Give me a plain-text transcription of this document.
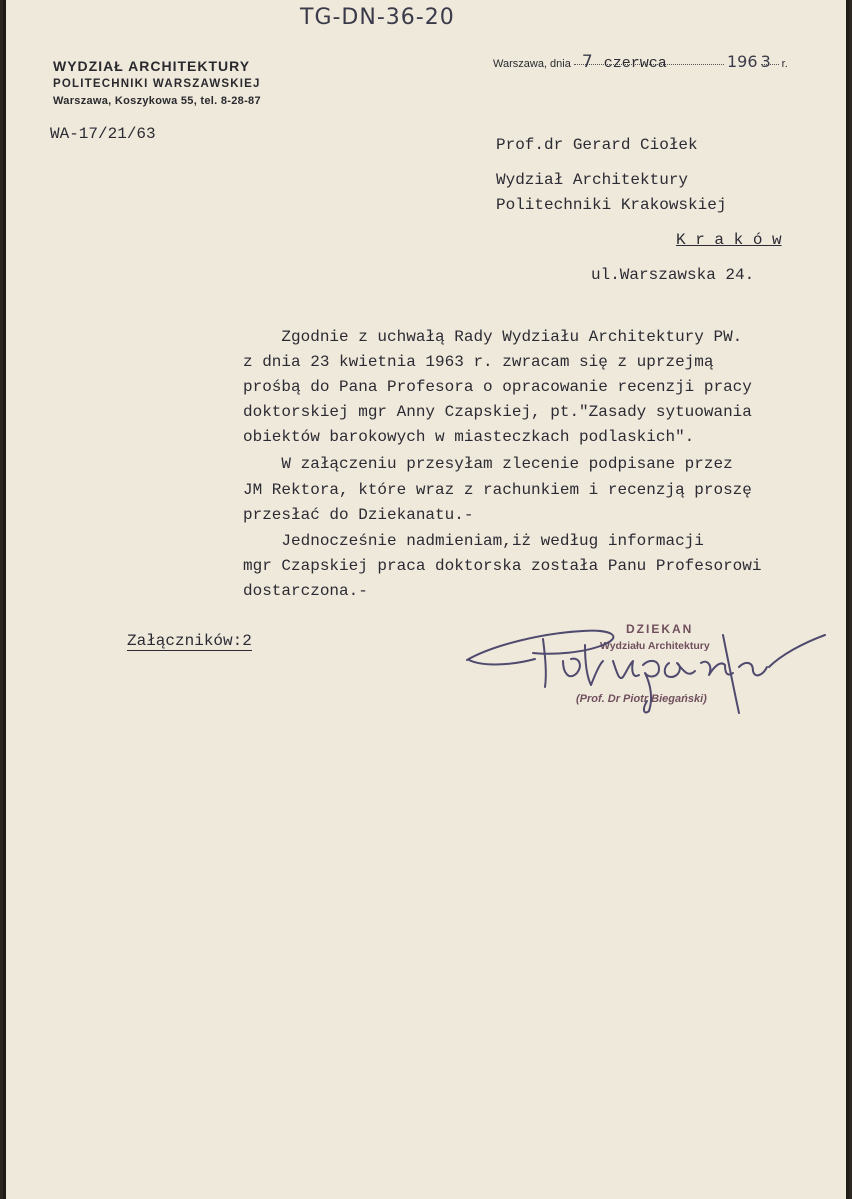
TG-DN-36-20
WYDZIAŁ ARCHITEKTURY
POLITECHNIKI WARSZAWSKIEJ
Warszawa, Koszykowa 55, tel. 8-28-87
WA-17/21/63
Warszawa, dnia 7 czerwca	196 3 r.
Prof.dr Gerard Ciołek
Wydział Architektury
Politechniki Krakowskiej
K r a k ó w
ul.Warszawska 24.
Zgodnie z uchwałą Rady Wydziału Architektury PW.
z dnia 23 kwietnia 1963 r. zwracam się z uprzejmą
prośbą do Pana Profesora o opracowanie recenzji pracy
doktorskiej mgr Anny Czapskiej, pt."Zasady sytuowania
obiektów barokowych w miasteczkach podlaskich".
W załączeniu przesyłam zlecenie podpisane przez
JM Rektora, które wraz z rachunkiem i recenzją proszę
przesłać do Dziekanatu.-
Jednocześnie nadmieniam,iż według informacji
mgr Czapskiej praca doktorska została Panu Profesorowi
dostarczona.-
Załączników:2
DZIEKAN
Wydziału Architektury
(Prof. Dr Piotr Biegański)
